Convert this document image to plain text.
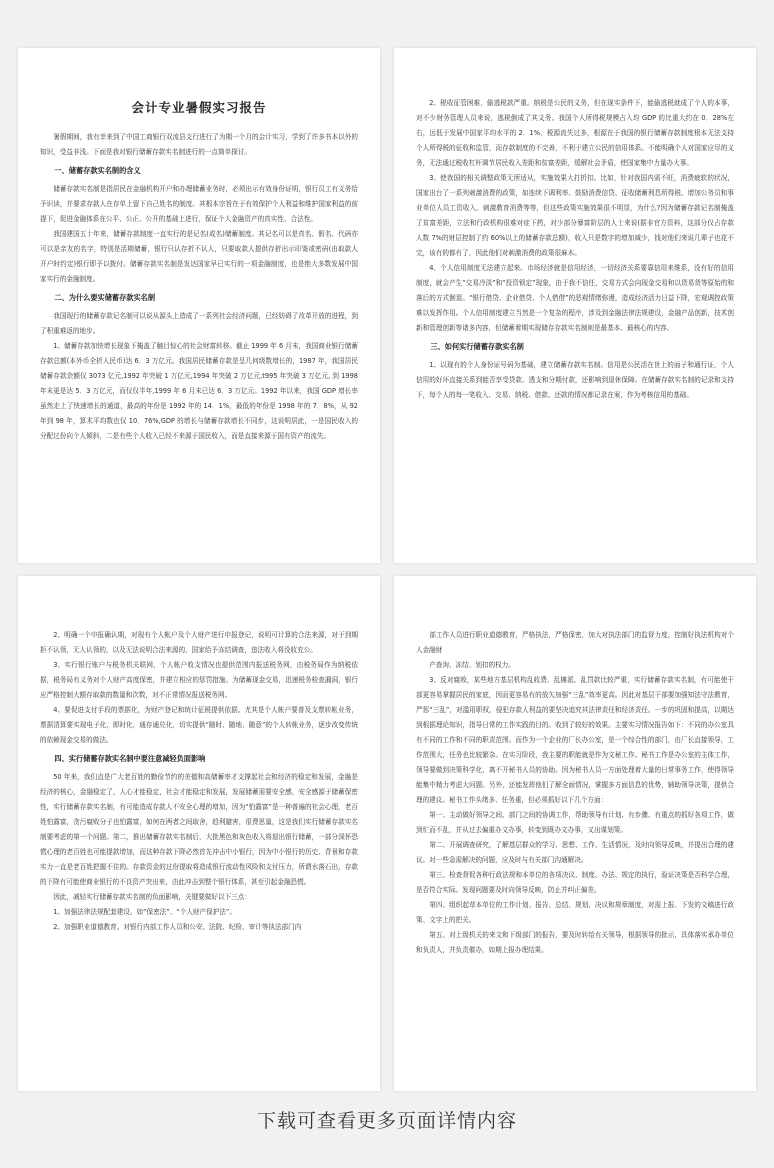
会计专业暑假实习报告

暑假期间，我有幸来到了中国工商银行双流县支行进行了为期一个月的会计实习，学到了许多书本以外的知识，受益非浅。下面是我对银行储蓄存款实名制进行的一点简单探讨。

一、储蓄存款实名制的含义

储蓄存款实名制是指居民在金融机构开户和办理储蓄业务时，必须出示有效身份证明，银行员工有义务给予识读，并要求存款人在存单上留下自己姓名的制度。其根本宗旨在于有效保护个人利益和维护国家利益的前提下，促进金融体系在公平、公正、公开的基础上进行，保证个人金融资产的真实性、合法性。

我国建国五十年来，储蓄存款制度一直实行的是记名(或名)储蓄制度。其记名可以是真名、假名、代码亦可以是亲友的名字，特别是活期储蓄，银行只认存折不认人，只要取款人提供存折出示印鉴或密码(由取款人开户时约定)银行即予以拨付。储蓄存款实名制是发达国家早已实行的一项金融制度，也是绝大多数发展中国家实行的金融制度。

二、为什么要实储蓄存款实名制

我国现行的储蓄存款记名制可以说从源头上造成了一系列社会经济问题，已经妨碍了改革开放的进程，到了积重难返的地步。

1、储蓄存款加快增长现象下掩盖了触目惊心的社会财富转移。截止 1999 年 6 月末，我国商业银行储蓄存款总额(本外币全折人民币)达 6．3 万亿元。我国居民储蓄存款是呈几何级数增长的，1987 年，我国居民储蓄存款余额仅 3073 亿元,1992 年突破 1 万亿元,1994 年突破 2 万亿元,t995 年突破 3 万亿元, 到 1998 年末更是达 5．3 万亿元，而仅仅半年,1999 年 6 月末已达 6．3 万亿元。1992 年以来，我国 GDP 增长率虽然走上了快速增长的通道，最高的年份是 1992 年的 14．1%，最低的年份是 1998 年的 7．8%，从 92 年到 98 年，算术平均数也仅 10．76%,GDP 的增长与储蓄存款增长不同步，这说明居此，一是国民收入的分配过份向个人倾斜，二是有些个人收入已经不来源于国民收入，而是直接来源于国有资产的流失。

2、税收征管困难，偷逃税款严重。纳税是公民的义务，但在现实条件下，能偷逃税就成了个人的本事，对不少财务管理人员来说，逃税倒成了其义务。我国个人所得税规模占入均 GDP 的比重大约在 0．28%左右，远低于发展中国家平均水平的 2．1%，税源流失过多，根源在于我国的银行储蓄存款制度根本无法支持个人所得税的征收和监管，而存款制度的不完善，不利于建立公民的信用体系。不能明确个人对国家应尽的义务，无法通过税收杠杆调节居民收入差距和贫富差距，缓解社会矛盾，使国家集中力量办大事。

3、使我国的相关调整政策无所适从，实施效果大打折扣。比如，针对我国内需不旺，消费疲软的状况，国家出台了一系列刺激消费的政策，如连续下调利率、鼓励消费信贷、征收储蓄利息所得税、增加公务员和事业单位人员工资收入、刺激教育消费等等，但这些政策实施效果很不明显，为什么?因为储蓄存款记名制掩盖了贫富差距，立法和行政机构很难对症下药，对少部分暴富阶层的人士来说(据非官方资料，这部分仅占存款人数 7%的财层控制了约 60%以上的储蓄存款总额)，收入只是数字的增加减少，钱对他们来说几辈子也花不完，该有的都有了，因此他们对刺激消费的政策很麻木。

4、个人信用制度无法建立起来。市场经济就是信用经济，一切经济关系要靠信用来维系，没有好的信用制度，就会产生“交易冷淡”和“投资锁定”现象，由于我不信任，交易方式会向现金交易和以货易货等原始的和落后的方式倒退。“银行借贷、企业借贷、个人借借”的恶观情绪弥漫，造成经济活力日益下降，宏观调控政策难以发挥作用。个人信用制度建立当然是一个复杂的程序，涉及到金融法律法规建设，金融产品创新，技术创新和管理创新等诸多内容，但储蓄着期实现储存存款实名制则是最基本、最核心的内容。

三、如何实行储蓄存款实名制

1、以现有的个人身份证号码为基础，建立储蓄存款实名制。信用是公民活在世上的面子和通行证，个人信用的好坏直接关系到能否享受贷款、透支和分期付款，还影响到退休保障。在储蓄存款实名制的记录和支持下，每个人的每一笔收入、交易、纳税、借款、还款的情况都记录在案，作为考核信用的基础。

2、明确一个申报确认期，对现有个人帐户及个人财产进行申报登记，说明可计算的合法来源，对于到期拒不认领，无人认领的，以及无法说明合法来源的，国家给予冻结调查，违法收入将没收充公。

3、实行银行账户与税务机关联网，个人帐户收支情况也提供范围内报送税务网，由税务局作为纳税依据，税务局有义务对个人财产高度保密，并建立相应的惩罚措施。为储蓄现金交易，迅速税务检查漏洞，银行应严格控制大额存取款的数量和次数，对不正常情况报送税务网。

4、要促进支付手段的票据化，为财产登记和统计征税提供依据。尤其是个人帐户要普及支票转帐业务，票据清算要实现电子化，即时化，通存通兑化，切实提供“随时、随地、随意”的个人转帐业务，逐步改变传统的依赖现金交易的做法。

四、实行储蓄存款实名制中要注意减轻负面影响

50 年来，我们直是广大老百姓的勤俭节约的美德和高储蓄率才支撑起社会和经济的稳定和发展，金融是经济的核心，金融稳定了，人心才能稳定，社会才能稳定和发展，发展储蓄需要安全感，安全感源于储蓄保密性，实行储蓄存款实名制，有可能造成存款人不安全心理的增加，因为“怕露富”是一种普遍的社会心理，老百姓怕露富，贪污腐败分子也怕露富，如何在两者之间取舍，趋利避害，很费思量，这是我们实行储蓄存款实名制要考虑的第一个问题。第二，推出储蓄存款实名制后，大批黑色和灰色收入将退出银行储蓄，一部分深怀恐慌心理的老百姓也可能提款增加，而这种存款下降必然首先冲击中小银行，因为中小银行的历史、背景和存款实力一直是老百姓把握不住的。存款资金的过份提取将造成银行流动性风险和支付压力，所谓水落石出，存款的下降有可能使商业银行的不良资产突出来，由此冲击到整个银行体系，甚至引起金融恐慌。

因此，减轻实行储蓄存款实名制的负面影响，关键要做好以下三点：

1、加强法律法规配套建设。如“保密法”、“个人财产保护法”。

2、加强职业道德教育。对银行内部工作人员和公安、法院、纪检、审计等执法部门内

部工作人员进行职业道德教育，严格执法，严格保密，加大对执法部门的监督力度，控制好执法机构对个人金融财

产查询、冻结、划扣的权力。

3、反对腐败，某些地方基层机构乱收费、乱摊派、乱罚款比较严重，实行储蓄存款实名制，有可能使干部更容易掌握居民的家底，因而更容易有的放矢加强“三乱”效率更高。因此对基层干部要加强知法守法教育，严惩“三乱”，对滥用职权，侵犯存款人利益的要坚决追究其法律责任和经济责任。一步的巩固和提高，以期达到根据理论知识，指导日常的工作实践的目的。收到了较好的效果。主要实习情况报告如下：不同的办公室具有不同的工作和不同的职责范围。而作为一个企业的厂长办公室，是一个综合性的部门，由厂长直接领导，工作范围大，任务也比较繁杂。在实习阶段，我主要的职能就是作为文秘工作。秘书工作是办公室的主体工作，领导要做到决策科学化，离不开秘书人员的协助。因为秘书人员一方面处理着大量的日常事务工作，使得领导能集中精力考虑大问题。另外，还能发挥他们了解全面情况，掌握多方面信息的优势，辅助领导决策，提供合理的建议。秘书工作头绪多、任务重，但必须抓好以下几个方面：

第一、主动做好领导之间、部门之间的协调工作，帮助领导有计划、有步骤、有重点的抓好各项工作，做到忙而不乱，并从过去偏重办文办事，转变到既办文办事，又出谋划策。

第二、开展调查研究，了解基层群众的学习、思想、工作、生活情况，及时向领导反映，并提出合理的建议。对一些急需解决的问题，应及时与有关部门沟通解决。

第三、检查督促各种行政法规和本单位的各项决议、制度、办法、规定的执行，验证决策是否科学合理，是否符合实际。发现问题要及时向领导反映，防止并纠正偏差。

第四、组织起草本单位的工作计划、报告、总结、规划、决议和规章制度，对需上报、下发的文稿进行政策、文字上的把关。

第五、对上级机关的来文和下级部门的报告，要及时转给有关领导，根据领导的批示，具体落实承办单位和负责人，并负责催办，如期上报办理结果。

下载可查看更多页面详情内容
